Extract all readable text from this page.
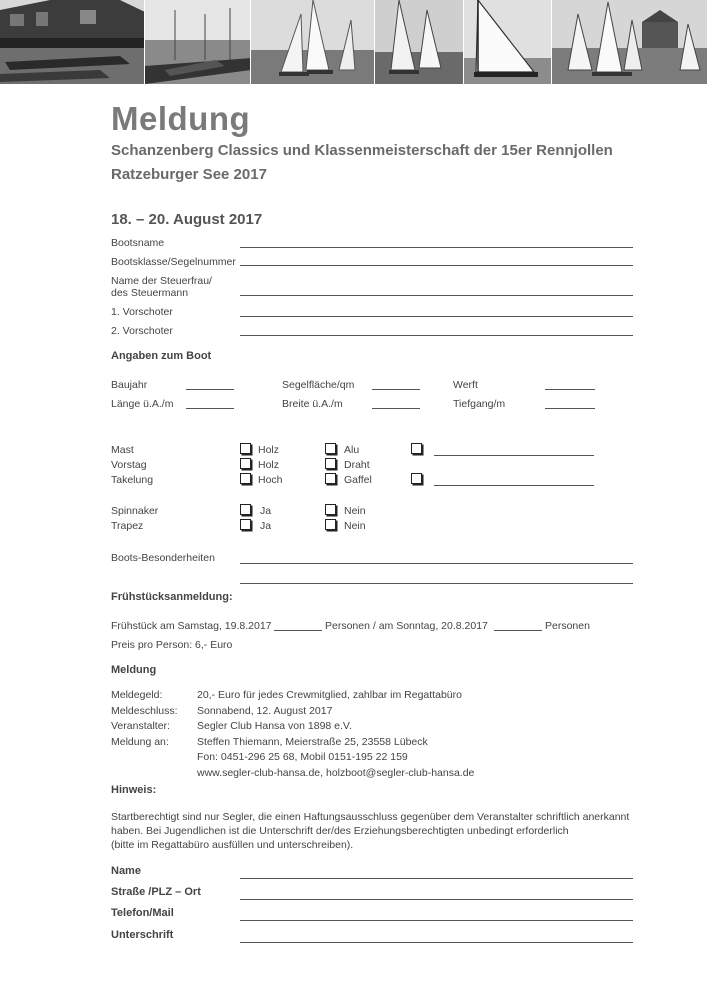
Meldung
Schanzenberg Classics und Klassenmeisterschaft der 15er Rennjollen
Ratzeburger See 2017
18. – 20. August 2017
Bootsname
Bootsklasse/Segelnummer
Name der Steuerfrau/
des Steuermann
1. Vorschoter
2. Vorschoter
Angaben zum Boot
Baujahr	Segelfläche/qm	Werft
Länge ü.A./m	Breite ü.A./m	Tiefgang/m
Mast	Holz	Alu
Vorstag	Holz	Draht
Takelung	Hoch	Gaffel
Spinnaker	Ja	Nein
Trapez	Ja	Nein
Boots-Besonderheiten
Frühstücksanmeldung:
Frühstück am Samstag, 19.8.2017	Personen / am Sonntag, 20.8.2017	Personen
Preis pro Person: 6,- Euro
Meldung
Meldegeld:	20,- Euro für jedes Crewmitglied, zahlbar im Regattabüro
Meldeschluss: Sonnabend, 12. August 2017
Veranstalter:	Segler Club Hansa von 1898 e.V.
Meldung an:	Steffen Thiemann, Meierstraße 25, 23558 Lübeck
Fon: 0451-296 25 68, Mobil 0151-195 22 159
www.segler-club-hansa.de, holzboot@segler-club-hansa.de
Hinweis:
Startberechtigt sind nur Segler, die einen Haftungsausschluss gegenüber dem Veranstalter schriftlich anerkannt
haben. Bei Jugendlichen ist die Unterschrift der/des Erziehungsberechtigten unbedingt erforderlich
(bitte im Regattabüro ausfüllen und unterschreiben).
Name
Straße /PLZ – Ort
Telefon/Mail
Unterschrift
